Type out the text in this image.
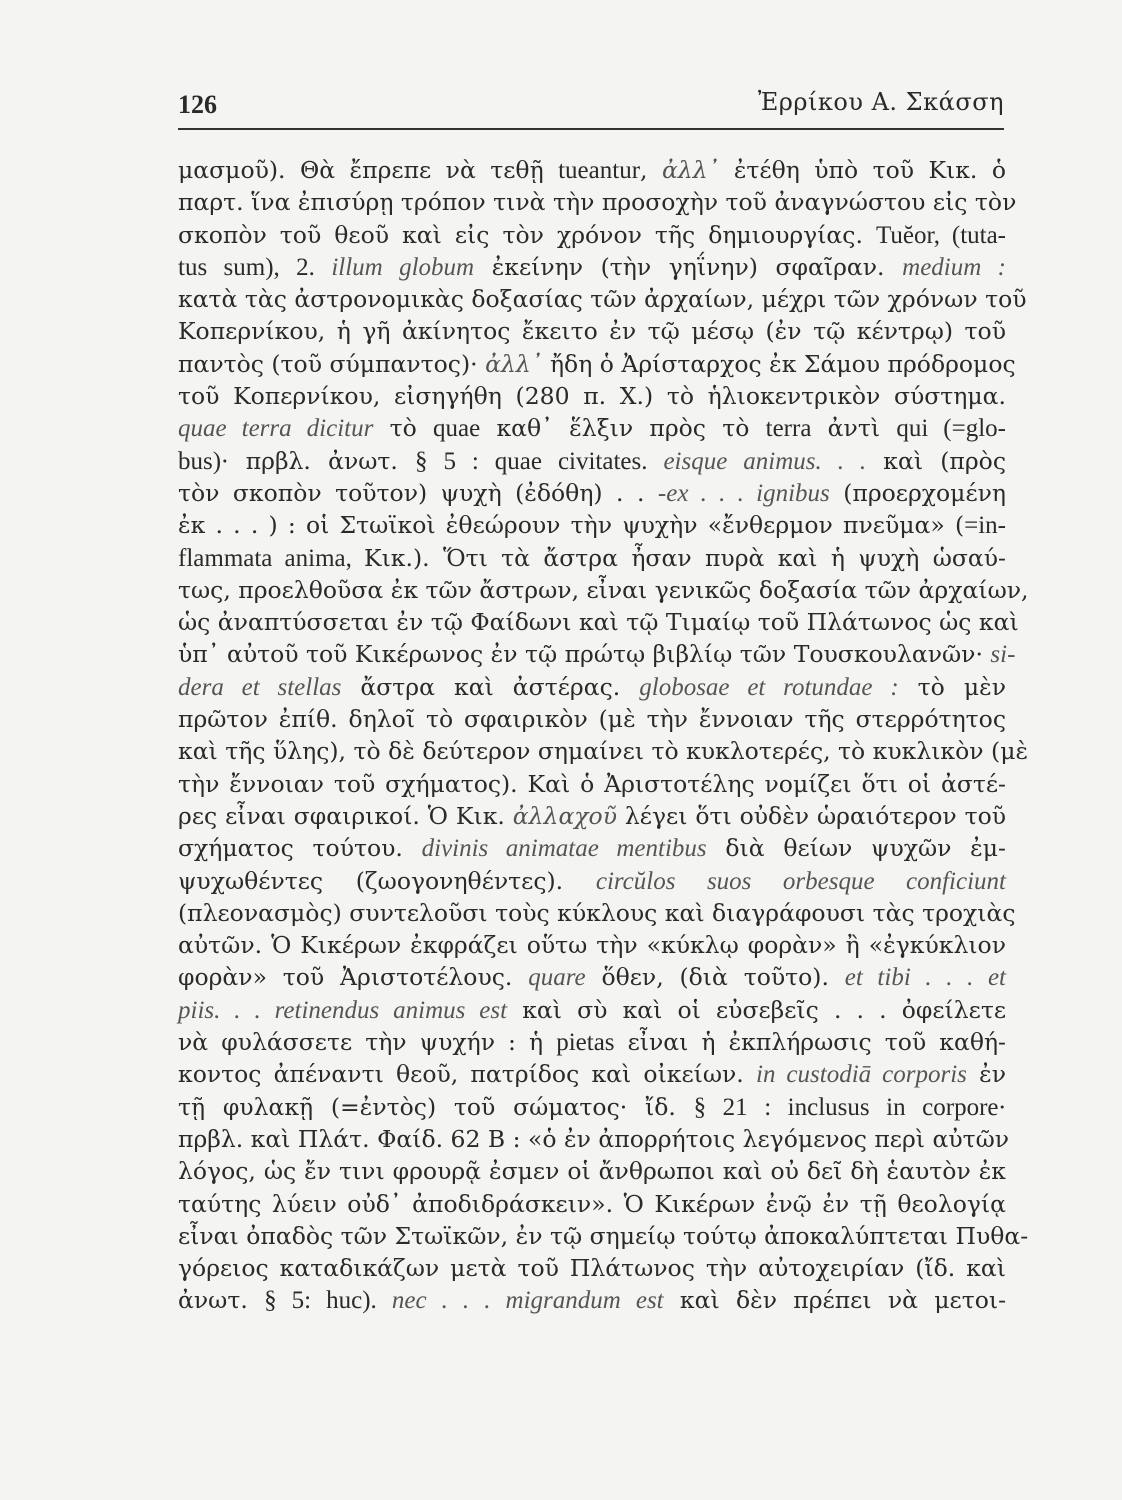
126	Ἐρρίκου Α. Σκάσση
μασμοῦ). Θὰ ἔπρεπε νὰ τεθῇ tueantur, ἀλλ᾽ ἐτέθη ὑπὸ τοῦ Κικ. ὁ
παρτ. ἵνα ἐπισύρῃ τρόπον τινὰ τὴν προσοχὴν τοῦ ἀναγνώστου εἰς τὸν
σκοπὸν τοῦ θεοῦ καὶ εἰς τὸν χρόνον τῆς δημιουργίας. Tuĕor, (tuta-
tus sum), 2. illum globum ἐκείνην (τὴν γηΐνην) σφαῖραν. medium :
κατὰ τὰς ἀστρονομικὰς δοξασίας τῶν ἀρχαίων, μέχρι τῶν χρόνων τοῦ
Κοπερνίκου, ἡ γῆ ἀκίνητος ἔκειτο ἐν τῷ μέσῳ (ἐν τῷ κέντρῳ) τοῦ
παντὸς (τοῦ σύμπαντος)· ἀλλ᾽ ἤδη ὁ Ἀρίσταρχος ἐκ Σάμου πρόδρομος
τοῦ Κοπερνίκου, εἰσηγήθη (280 π. Χ.) τὸ ἡλιοκεντρικὸν σύστημα.
quae terra dicitur τὸ quae καθ᾽ ἕλξιν πρὸς τὸ terra ἀντὶ qui (=glo-
bus)· πρβλ. ἀνωτ. § 5 : quae civitates. eisque animus. . . καὶ (πρὸς
τὸν σκοπὸν τοῦτον) ψυχὴ (ἐδόθη) . . -ex . . . ignibus (προερχομένη
ἐκ . . . ) : οἱ Στωϊκοὶ ἐθεώρουν τὴν ψυχὴν «ἔνθερμον πνεῦμα» (=in-
flammata anima, Κικ.). Ὅτι τὰ ἄστρα ἦσαν πυρὰ καὶ ἡ ψυχὴ ὡσαύ-
τως, προελθοῦσα ἐκ τῶν ἄστρων, εἶναι γενικῶς δοξασία τῶν ἀρχαίων,
ὡς ἀναπτύσσεται ἐν τῷ Φαίδωνι καὶ τῷ Τιμαίῳ τοῦ Πλάτωνος ὡς καὶ
ὑπ᾽ αὐτοῦ τοῦ Κικέρωνος ἐν τῷ πρώτῳ βιβλίῳ τῶν Τουσκουλανῶν· si-
dera et stellas ἄστρα καὶ ἀστέρας. globosae et rotundae : τὸ μὲν
πρῶτον ἐπίθ. δηλοῖ τὸ σφαιρικὸν (μὲ τὴν ἔννοιαν τῆς στερρότητος
καὶ τῆς ὕλης), τὸ δὲ δεύτερον σημαίνει τὸ κυκλοτερές, τὸ κυκλικὸν (μὲ
τὴν ἔννοιαν τοῦ σχήματος). Καὶ ὁ Ἀριστοτέλης νομίζει ὅτι οἱ ἀστέ-
ρες εἶναι σφαιρικοί. Ὁ Κικ. ἀλλαχοῦ λέγει ὅτι οὐδὲν ὡραιότερον τοῦ
σχήματος τούτου. divinis animatae mentibus διὰ θείων ψυχῶν ἐμ-
ψυχωθέντες (ζωογονηθέντες). circŭlos suos orbesque conficiunt
(πλεονασμὸς) συντελοῦσι τοὺς κύκλους καὶ διαγράφουσι τὰς τροχιὰς
αὐτῶν. Ὁ Κικέρων ἐκφράζει οὕτω τὴν «κύκλῳ φορὰν» ἢ «ἐγκύκλιον
φορὰν» τοῦ Ἀριστοτέλους. quare ὅθεν, (διὰ τοῦτο). et tibi . . . et
piis. . . retinendus animus est καὶ σὺ καὶ οἱ εὐσεβεῖς . . . ὀφείλετε
νὰ φυλάσσετε τὴν ψυχήν : ἡ pietas εἶναι ἡ ἐκπλήρωσις τοῦ καθή-
κοντος ἀπέναντι θεοῦ, πατρίδος καὶ οἰκείων. in custodiā corporis ἐν
τῇ φυλακῇ (=ἐντὸς) τοῦ σώματος· ἴδ. § 21 : inclusus in corpore·
πρβλ. καὶ Πλάτ. Φαίδ. 62 Β : «ὁ ἐν ἀπορρήτοις λεγόμενος περὶ αὐτῶν
λόγος, ὡς ἔν τινι φρουρᾷ ἐσμεν οἱ ἄνθρωποι καὶ οὐ δεῖ δὴ ἑαυτὸν ἐκ
ταύτης λύειν οὐδ᾽ ἀποδιδράσκειν». Ὁ Κικέρων ἐνῷ ἐν τῇ θεολογίᾳ
εἶναι ὀπαδὸς τῶν Στωϊκῶν, ἐν τῷ σημείῳ τούτῳ ἀποκαλύπτεται Πυθα-
γόρειος καταδικάζων μετὰ τοῦ Πλάτωνος τὴν αὐτοχειρίαν (ἴδ. καὶ
ἀνωτ. § 5: huc). nec . . . migrandum est καὶ δὲν πρέπει νὰ μετοι-
